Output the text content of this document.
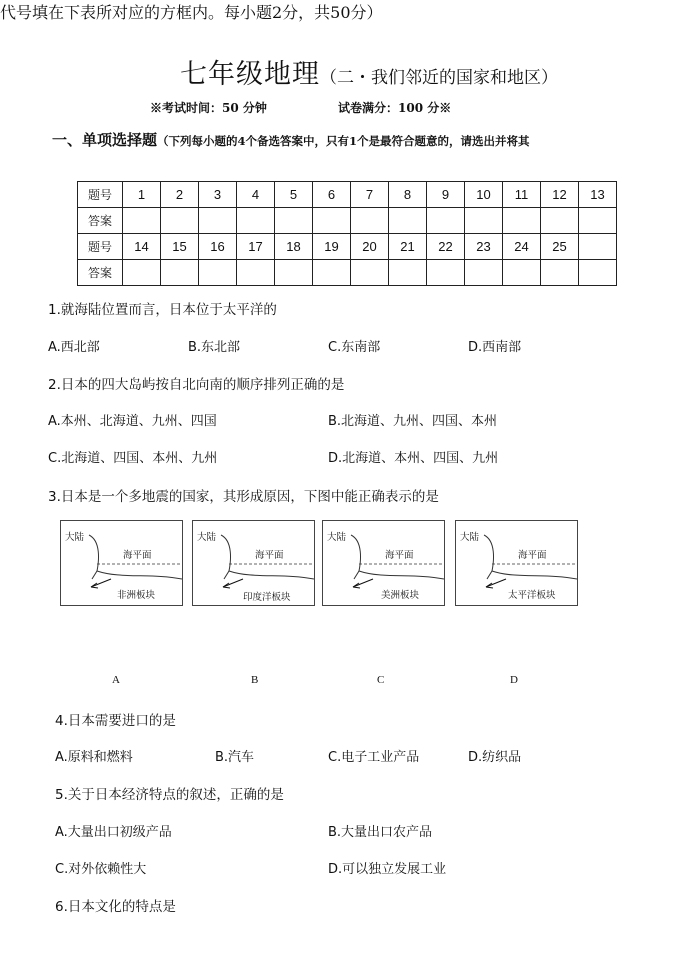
七年级地理（二・我们邻近的国家和地区）
※考试时间：50 分钟	试卷满分：100 分※
一、单项选择题（下列每小题的4个备选答案中，只有1个是最符合题意的，请选出并将其
代号填在下表所对应的方框内。每小题2分，共50分）
题号	1	2	3	4	5	6	7	8	9	10	11	12	13
答案													
题号	14	15	16	17	18	19	20	21	22	23	24	25	
答案													
1.就海陆位置而言，日本位于太平洋的
A.西北部	B.东北部	C.东南部	D.西南部
2.日本的四大岛屿按自北向南的顺序排列正确的是
A.本州、北海道、九州、四国	B.北海道、九州、四国、本州
C.北海道、四国、本州、九州	D.北海道、本州、四国、九州
3.日本是一个多地震的国家，其形成原因，下图中能正确表示的是
大陆
海平面
非洲板块
大陆
海平面
印度洋板块
大陆
海平面
美洲板块
大陆
海平面
太平洋板块
A	B	C	D
4.日本需要进口的是
A.原料和燃料	B.汽车	C.电子工业产品	D.纺织品
5.关于日本经济特点的叙述，正确的是
A.大量出口初级产品	B.大量出口农产品
C.对外依赖性大	D.可以独立发展工业
6.日本文化的特点是
